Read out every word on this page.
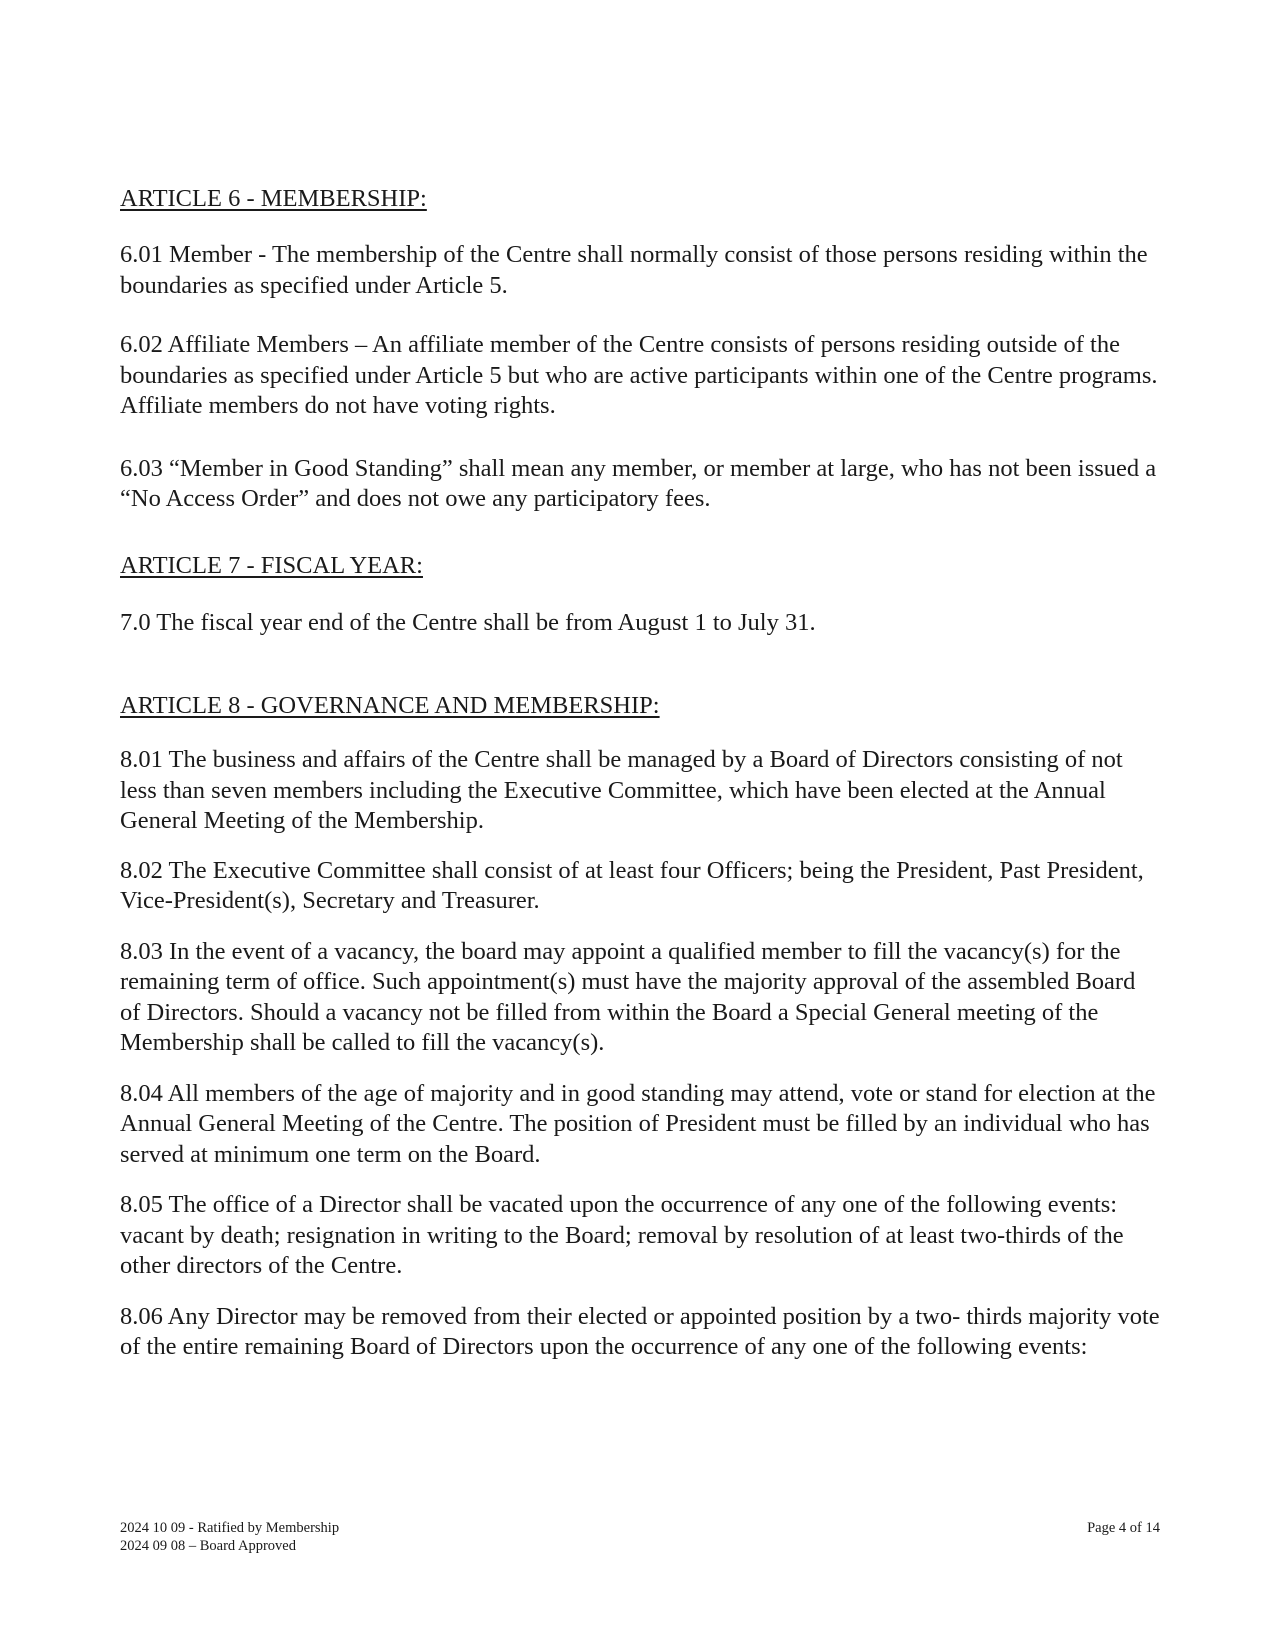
ARTICLE 6 - MEMBERSHIP:

6.01 Member - The membership of the Centre shall normally consist of those persons residing within the boundaries as specified under Article 5.

6.02 Affiliate Members – An affiliate member of the Centre consists of persons residing outside of the boundaries as specified under Article 5 but who are active participants within one of the Centre programs. Affiliate members do not have voting rights.

6.03 “Member in Good Standing” shall mean any member, or member at large, who has not been issued a “No Access Order” and does not owe any participatory fees.

ARTICLE 7 - FISCAL YEAR:

7.0 The fiscal year end of the Centre shall be from August 1 to July 31.

ARTICLE 8 - GOVERNANCE AND MEMBERSHIP:

8.01 The business and affairs of the Centre shall be managed by a Board of Directors consisting of not less than seven members including the Executive Committee, which have been elected at the Annual General Meeting of the Membership.

8.02 The Executive Committee shall consist of at least four Officers; being the President, Past President, Vice-President(s), Secretary and Treasurer.

8.03 In the event of a vacancy, the board may appoint a qualified member to fill the vacancy(s) for the remaining term of office. Such appointment(s) must have the majority approval of the assembled Board of Directors. Should a vacancy not be filled from within the Board a Special General meeting of the Membership shall be called to fill the vacancy(s).

8.04 All members of the age of majority and in good standing may attend, vote or stand for election at the Annual General Meeting of the Centre. The position of President must be filled by an individual who has served at minimum one term on the Board.

8.05 The office of a Director shall be vacated upon the occurrence of any one of the following events: vacant by death; resignation in writing to the Board; removal by resolution of at least two-thirds of the other directors of the Centre.

8.06 Any Director may be removed from their elected or appointed position by a two- thirds majority vote of the entire remaining Board of Directors upon the occurrence of any one of the following events:

2024 10 09 - Ratified by Membership
2024 09 08 – Board Approved
Page 4 of 14
